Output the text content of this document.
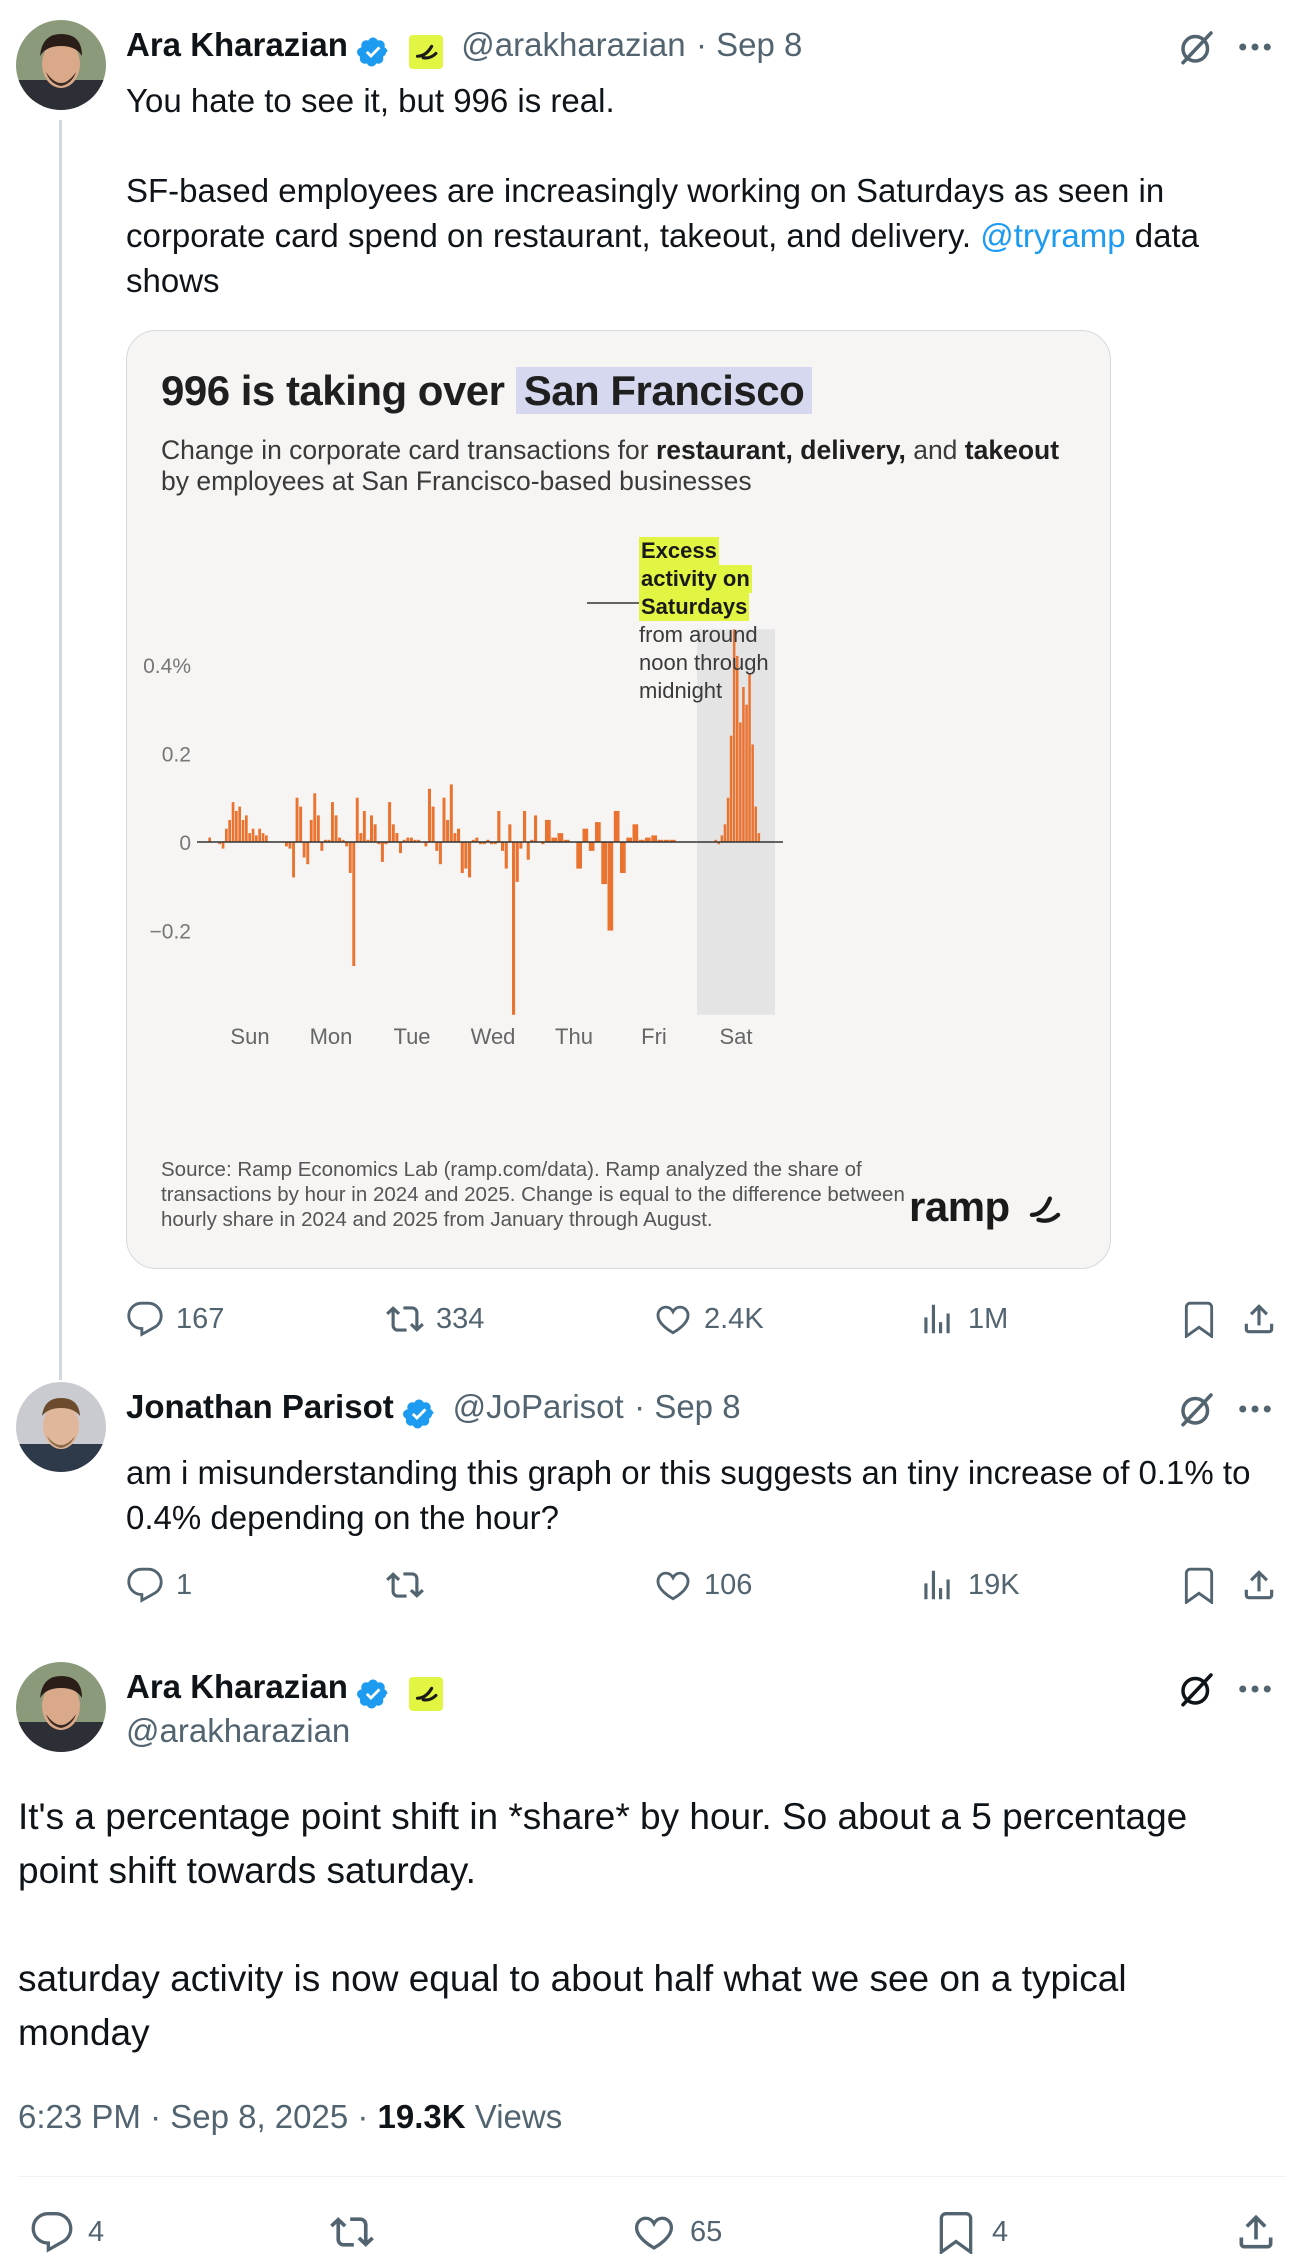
Ara Kharazian	@arakharazian · Sep 8
You hate to see it, but 996 is real.
SF-based employees are increasingly working on Saturdays as seen in corporate card spend on restaurant, takeout, and delivery. @tryramp data shows
996 is taking over San Francisco
Change in corporate card transactions for restaurant, delivery, and takeout by employees at San Francisco-based businesses
0.4%
0.2
0
−0.2
Sun Mon Tue Wed Thu Fri Sat
Excess
activity on
Saturdays
from around
noon through
midnight
Source: Ramp Economics Lab (ramp.com/data). Ramp analyzed the share of transactions by hour in 2024 and 2025. Change is equal to the difference between hourly share in 2024 and 2025 from January through August.	ramp
167	334	2.4K	1M
Jonathan Parisot @JoParisot · Sep 8
am i misunderstanding this graph or this suggests an tiny increase of 0.1% to 0.4% depending on the hour?
1	106	19K
Ara Kharazian
@arakharazian
It's a percentage point shift in *share* by hour. So about a 5 percentage point shift towards saturday.
saturday activity is now equal to about half what we see on a typical monday
6:23 PM · Sep 8, 2025 · 19.3K Views
4	65	4
